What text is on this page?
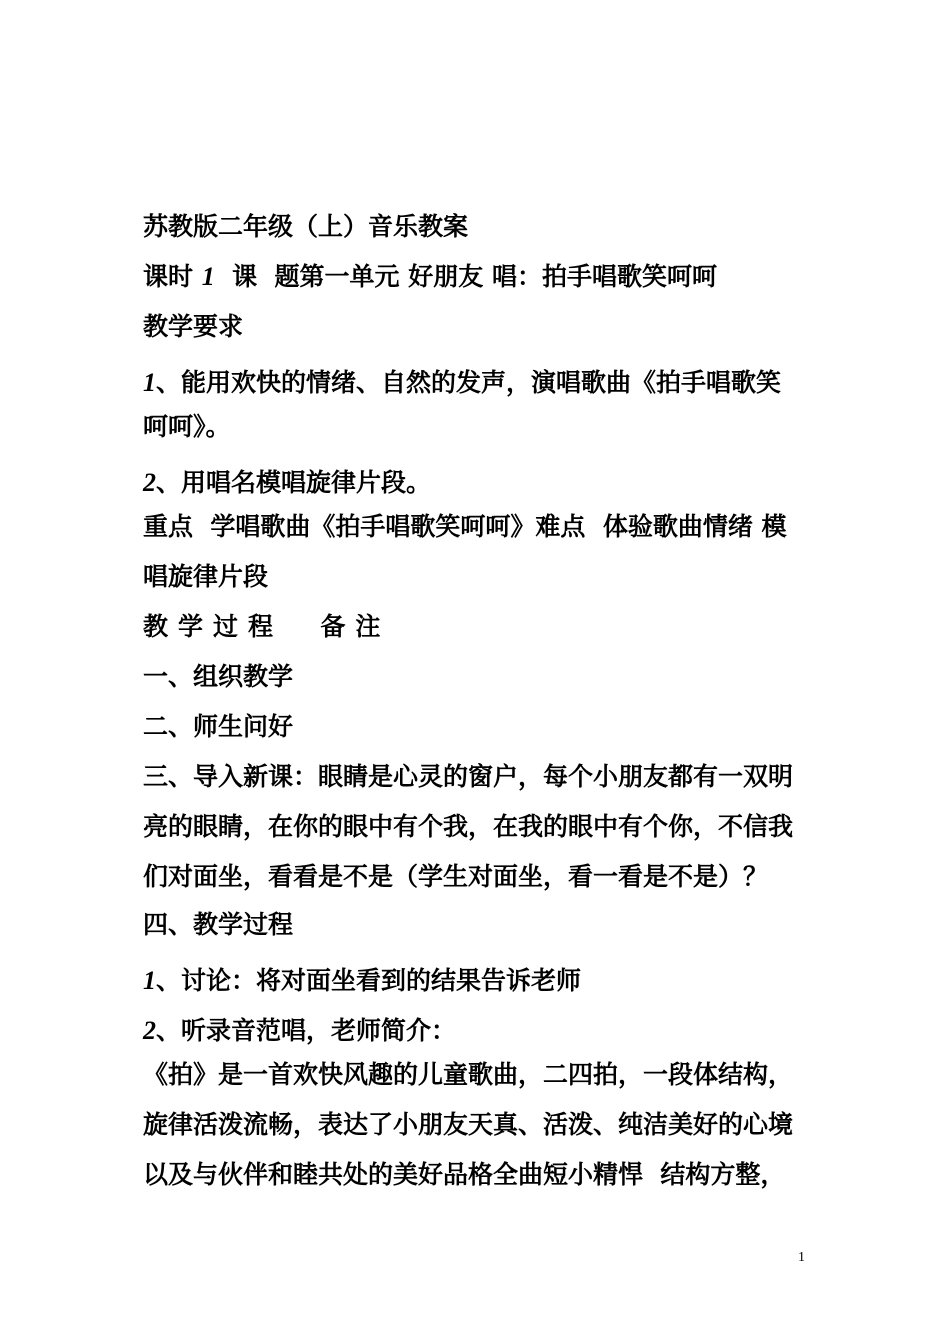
苏教版二年级（上）音乐教案

课时 1  课  题第一单元 好朋友 唱：拍手唱歌笑呵呵

教学要求

1、能用欢快的情绪、自然的发声，演唱歌曲《拍手唱歌笑

呵呵》。

2、用唱名模唱旋律片段。

重点  学唱歌曲《拍手唱歌笑呵呵》难点  体验歌曲情绪 模

唱旋律片段

教学过程  备注

一、组织教学

二、师生问好

三、导入新课：眼睛是心灵的窗户，每个小朋友都有一双明

亮的眼睛，在你的眼中有个我，在我的眼中有个你，不信我

们对面坐，看看是不是（学生对面坐，看一看是不是）？

四、教学过程

1、讨论：将对面坐看到的结果告诉老师

2、听录音范唱，老师简介：

《拍》是一首欢快风趣的儿童歌曲，二四拍，一段体结构，

旋律活泼流畅，表达了小朋友天真、活泼、纯洁美好的心境

以及与伙伴和睦共处的美好品格全曲短小精悍  结构方整，

1
